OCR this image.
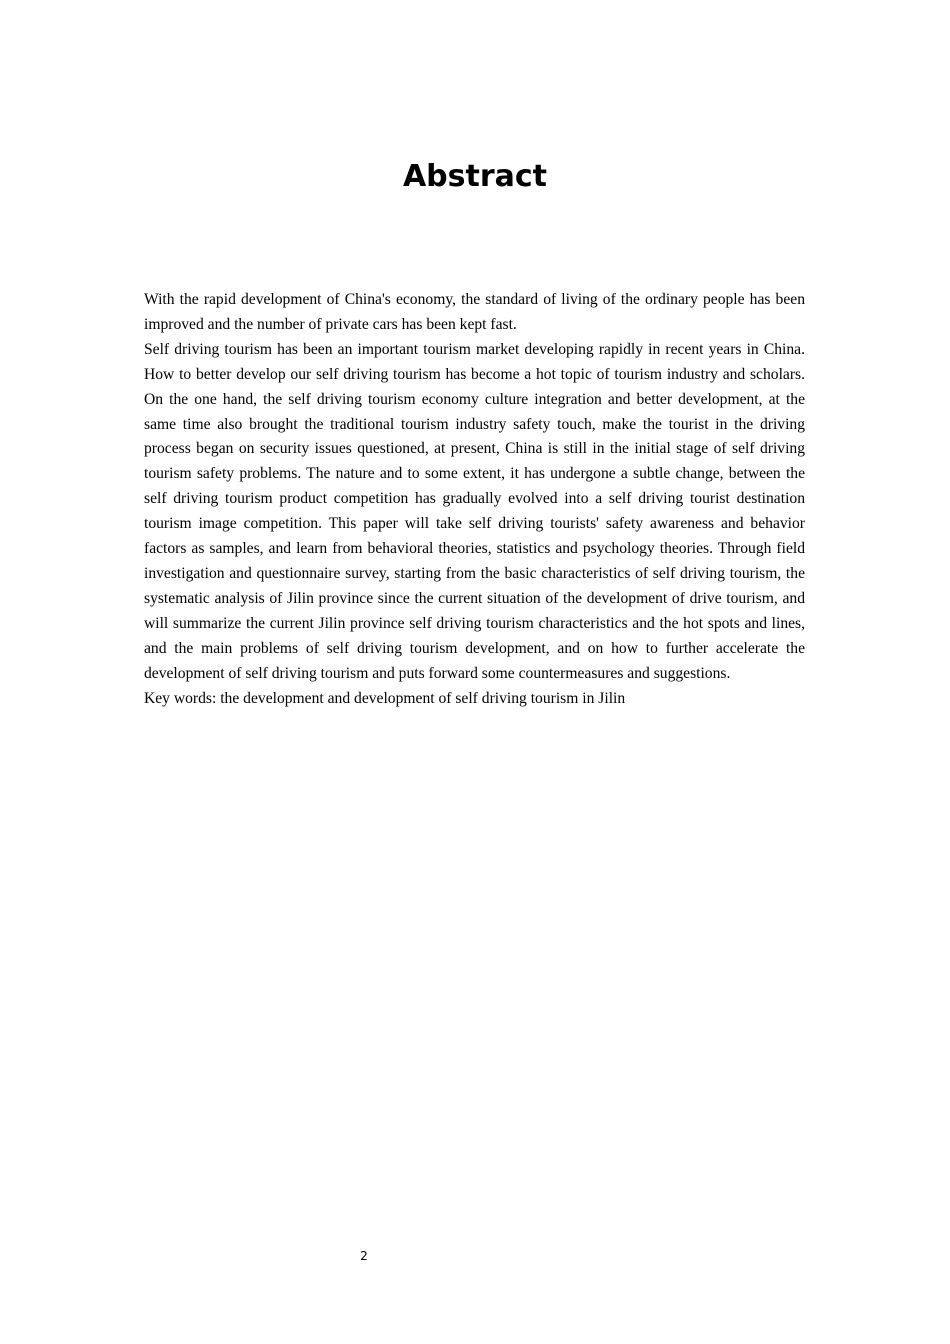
Abstract

With the rapid development of China's economy, the standard of living of the ordinary people has been improved and the number of private cars has been kept fast.

Self driving tourism has been an important tourism market developing rapidly in recent years in China. How to better develop our self driving tourism has become a hot topic of tourism industry and scholars. On the one hand, the self driving tourism economy culture integration and better development, at the same time also brought the traditional tourism industry safety touch, make the tourist in the driving process began on security issues questioned, at present, China is still in the initial stage of self driving tourism safety problems. The nature and to some extent, it has undergone a subtle change, between the self driving tourism product competition has gradually evolved into a self driving tourist destination tourism image competition. This paper will take self driving tourists' safety awareness and behavior factors as samples, and learn from behavioral theories, statistics and psychology theories. Through field investigation and questionnaire survey, starting from the basic characteristics of self driving tourism, the systematic analysis of Jilin province since the current situation of the development of drive tourism, and will summarize the current Jilin province self driving tourism characteristics and the hot spots and lines, and the main problems of self driving tourism development, and on how to further accelerate the development of self driving tourism and puts forward some countermeasures and suggestions.

Key words: the development and development of self driving tourism in Jilin

2
